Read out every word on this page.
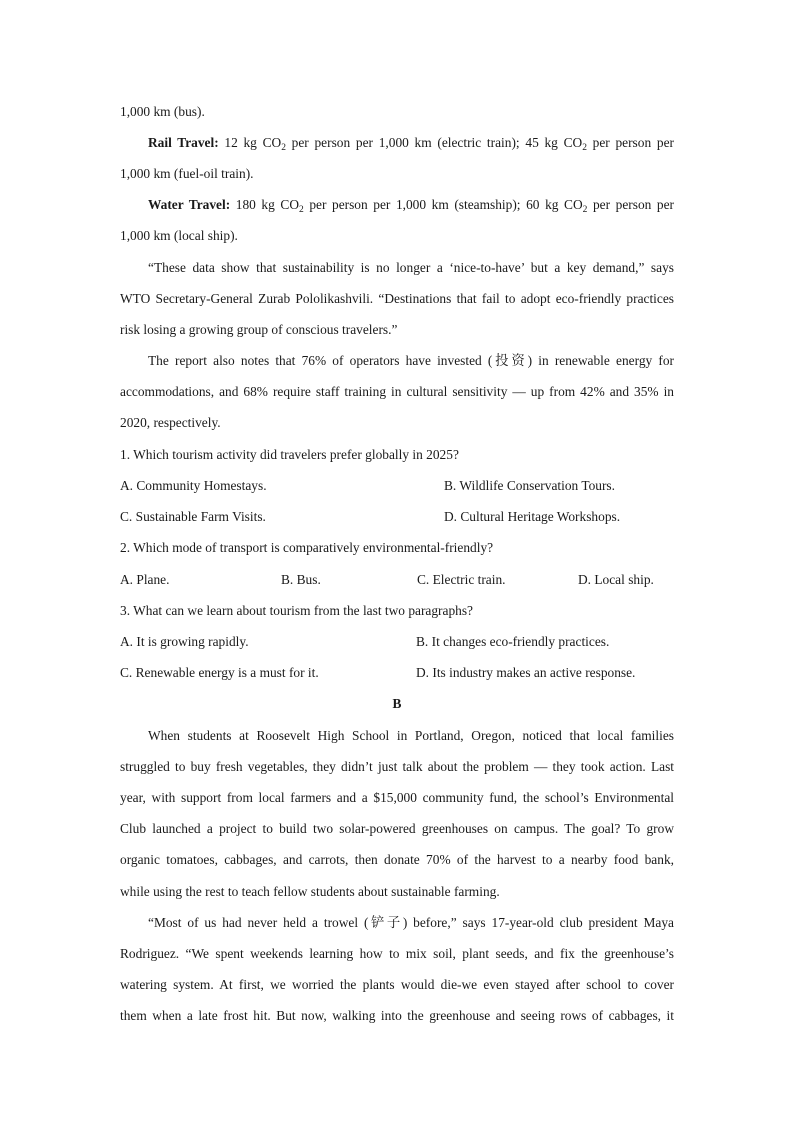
1,000 km (bus).
Rail Travel: 12 kg $CO_2$ per person per 1,000 km (electric train); 45 kg $CO_2$ per person per
1,000 km (fuel-oil train).
Water Travel: 180 kg $CO_2$ per person per 1,000 km (steamship); 60 kg $CO_2$ per person per
1,000 km (local ship).
“These data show that sustainability is no longer a ‘nice-to-have’ but a key demand,” says
WTO Secretary-General Zurab Pololikashvili. “Destinations that fail to adopt eco-friendly practices
risk losing a growing group of conscious travelers.”
The report also notes that 76% of operators have invested (投资) in renewable energy for
accommodations, and 68% require staff training in cultural sensitivity — up from 42% and 35% in
2020, respectively.
1. Which tourism activity did travelers prefer globally in 2025?
A. Community Homestays.	B. Wildlife Conservation Tours.
C. Sustainable Farm Visits.	D. Cultural Heritage Workshops.
2. Which mode of transport is comparatively environmental-friendly?
A. Plane.	B. Bus.	C. Electric train.	D. Local ship.
3. What can we learn about tourism from the last two paragraphs?
A. It is growing rapidly.	B. It changes eco-friendly practices.
C. Renewable energy is a must for it.	D. Its industry makes an active response.
B
When students at Roosevelt High School in Portland, Oregon, noticed that local families
struggled to buy fresh vegetables, they didn’t just talk about the problem — they took action. Last
year, with support from local farmers and a $15,000 community fund, the school’s Environmental
Club launched a project to build two solar-powered greenhouses on campus. The goal? To grow
organic tomatoes, cabbages, and carrots, then donate 70% of the harvest to a nearby food bank,
while using the rest to teach fellow students about sustainable farming.
“Most of us had never held a trowel (铲子) before,” says 17-year-old club president Maya
Rodriguez. “We spent weekends learning how to mix soil, plant seeds, and fix the greenhouse’s
watering system. At first, we worried the plants would die-we even stayed after school to cover
them when a late frost hit. But now, walking into the greenhouse and seeing rows of cabbages, it
